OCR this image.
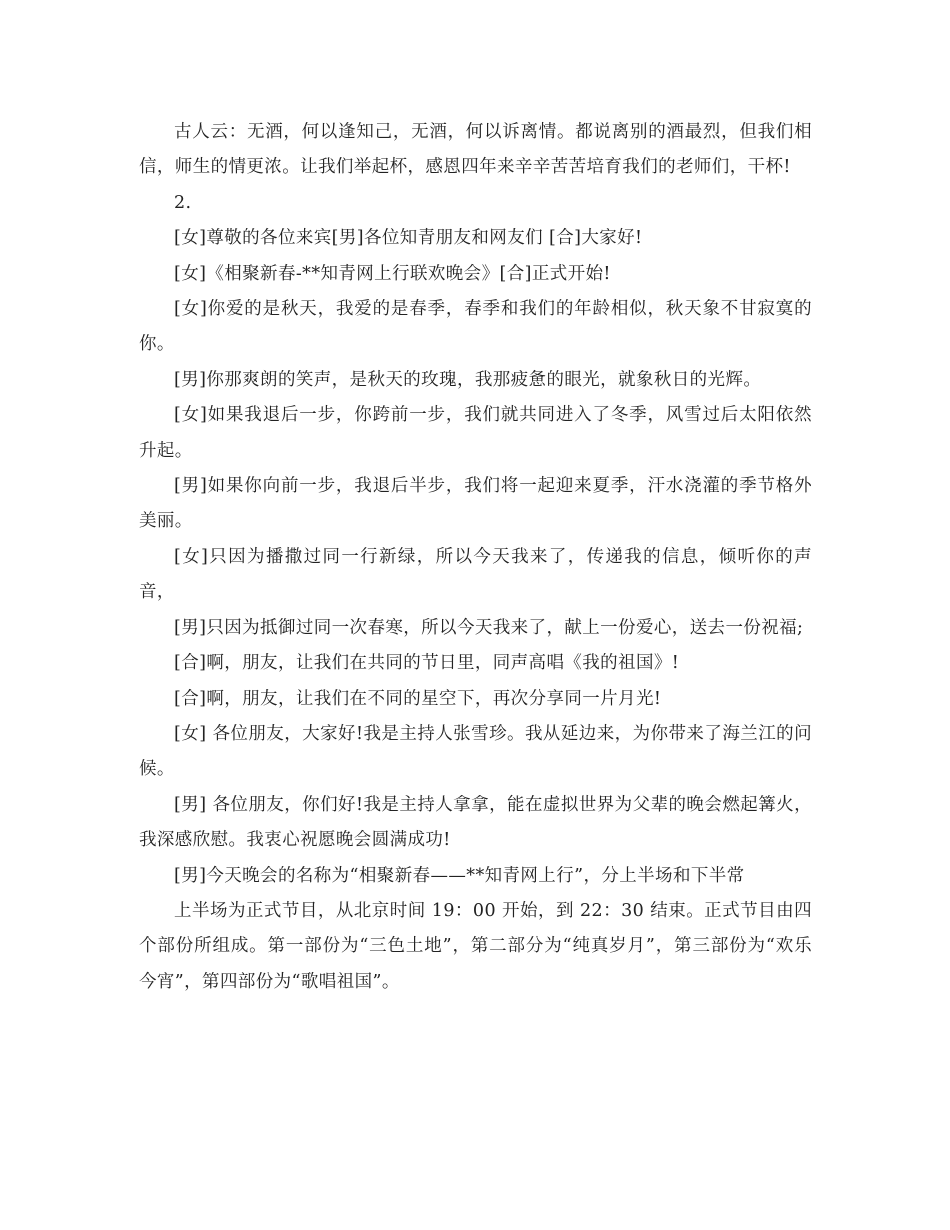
古人云：无酒，何以逢知己，无酒，何以诉离情。都说离别的酒最烈，但我们相信，师生的情更浓。让我们举起杯，感恩四年来辛辛苦苦培育我们的老师们，干杯!

2.

[女]尊敬的各位来宾[男]各位知青朋友和网友们 [合]大家好!

[女]《相聚新春-**知青网上行联欢晚会》[合]正式开始!

[女]你爱的是秋天，我爱的是春季，春季和我们的年龄相似，秋天象不甘寂寞的你。

[男]你那爽朗的笑声，是秋天的玫瑰，我那疲惫的眼光，就象秋日的光辉。

[女]如果我退后一步，你跨前一步，我们就共同进入了冬季，风雪过后太阳依然升起。

[男]如果你向前一步，我退后半步，我们将一起迎来夏季，汗水浇灌的季节格外美丽。

[女]只因为播撒过同一行新绿，所以今天我来了，传递我的信息，倾听你的声音，

[男]只因为抵御过同一次春寒，所以今天我来了，献上一份爱心，送去一份祝福;

[合]啊，朋友，让我们在共同的节日里，同声高唱《我的祖国》!

[合]啊，朋友，让我们在不同的星空下，再次分享同一片月光!

[女] 各位朋友，大家好!我是主持人张雪珍。我从延边来，为你带来了海兰江的问候。

[男] 各位朋友，你们好!我是主持人拿拿，能在虚拟世界为父辈的晚会燃起篝火，我深感欣慰。我衷心祝愿晚会圆满成功!

[男]今天晚会的名称为“相聚新春——**知青网上行”，分上半场和下半常

上半场为正式节目，从北京时间 19：00 开始，到 22：30 结束。正式节目由四个部份所组成。第一部份为“三色土地”，第二部分为“纯真岁月”，第三部份为“欢乐今宵”，第四部份为“歌唱祖国”。
